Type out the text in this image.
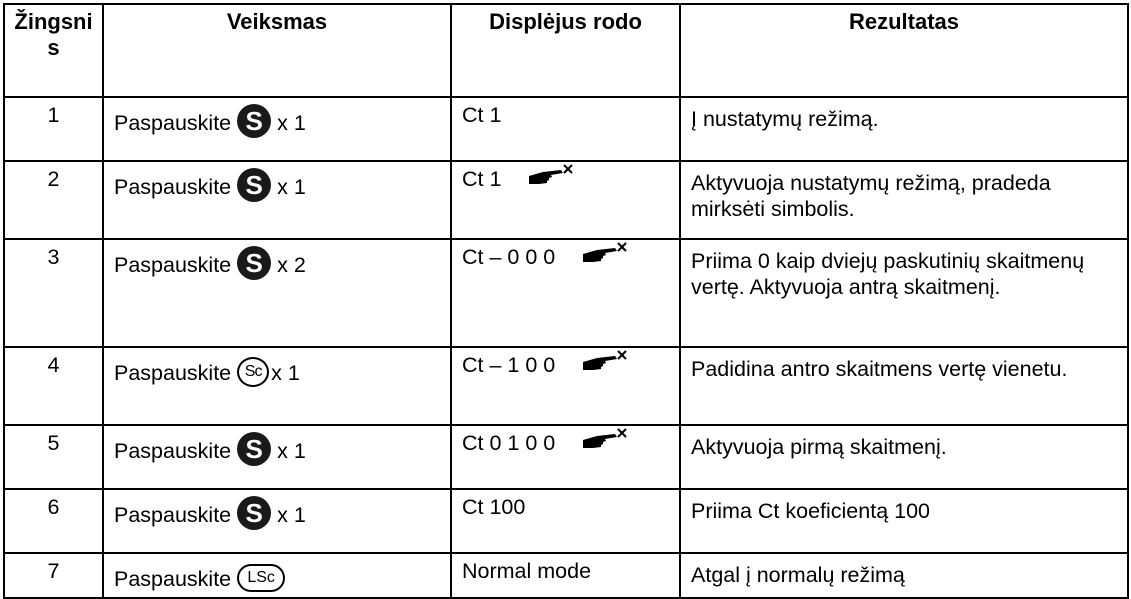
Žingsnis	Veiksmas	Displėjus rodo	Rezultatas
1	Paspauskite S x 1	Ct 1	Į nustatymų režimą.
2	Paspauskite S x 1	Ct 1	Aktyvuoja nustatymų režimą, pradeda mirksėti simbolis.
3	Paspauskite S x 2	Ct – 0 0 0	Priima 0 kaip dviejų paskutinių skaitmenų vertę. Aktyvuoja antrą skaitmenį.
4	Paspauskite Sc x 1	Ct – 1 0 0	Padidina antro skaitmens vertę vienetu.
5	Paspauskite S x 1	Ct 0 1 0 0	Aktyvuoja pirmą skaitmenį.
6	Paspauskite S x 1	Ct 100	Priima Ct koeficientą 100
7	Paspauskite LSc	Normal mode	Atgal į normalų režimą
